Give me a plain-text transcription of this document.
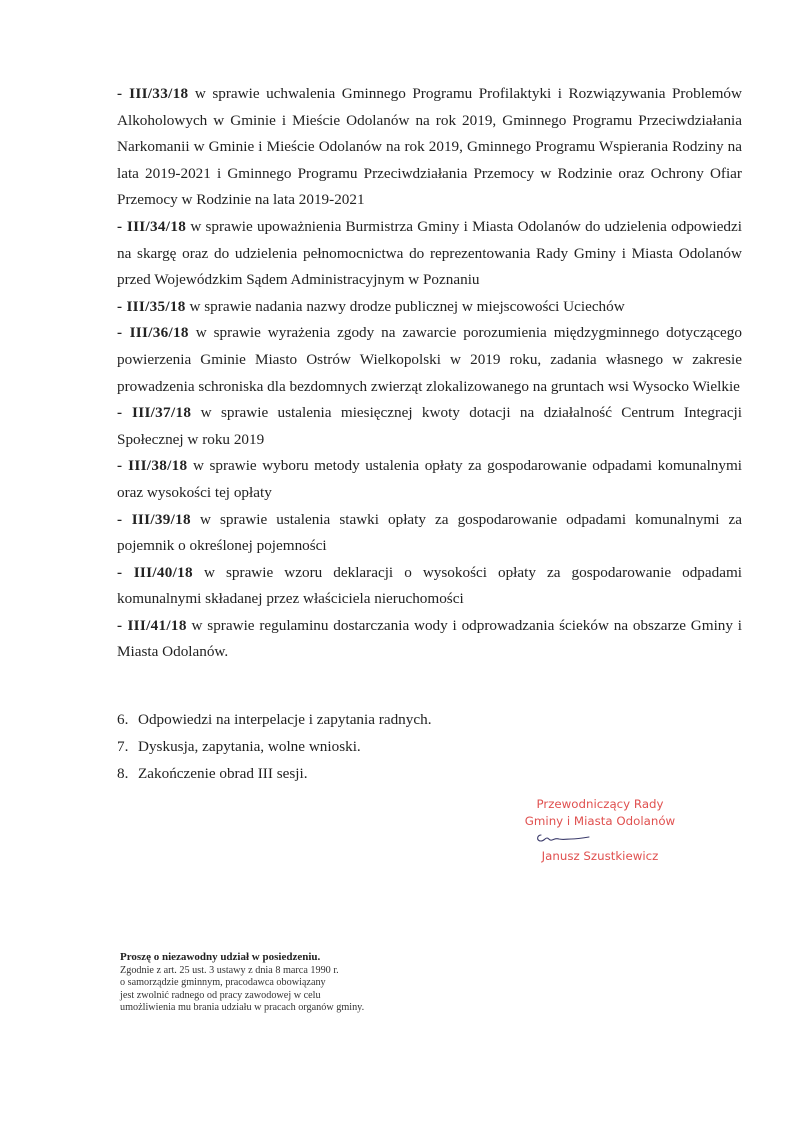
- III/33/18 w sprawie uchwalenia Gminnego Programu Profilaktyki i Rozwiązywania Problemów Alkoholowych w Gminie i Mieście Odolanów na rok 2019, Gminnego Programu Przeciwdziałania Narkomanii w Gminie i Mieście Odolanów na rok 2019, Gminnego Programu Wspierania Rodziny na lata 2019-2021 i Gminnego Programu Przeciwdziałania Przemocy w Rodzinie oraz Ochrony Ofiar Przemocy w Rodzinie na lata 2019-2021
- III/34/18 w sprawie upoważnienia Burmistrza Gminy i Miasta Odolanów do udzielenia odpowiedzi na skargę oraz do udzielenia pełnomocnictwa do reprezentowania Rady Gminy i Miasta Odolanów przed Wojewódzkim Sądem Administracyjnym w Poznaniu
- III/35/18 w sprawie nadania nazwy drodze publicznej w miejscowości Uciechów
- III/36/18 w sprawie wyrażenia zgody na zawarcie porozumienia międzygminnego dotyczącego powierzenia Gminie Miasto Ostrów Wielkopolski w 2019 roku, zadania własnego w zakresie prowadzenia schroniska dla bezdomnych zwierząt zlokalizowanego na gruntach wsi Wysocko Wielkie
- III/37/18 w sprawie ustalenia miesięcznej kwoty dotacji na działalność Centrum Integracji Społecznej w roku 2019
- III/38/18 w sprawie wyboru metody ustalenia opłaty za gospodarowanie odpadami komunalnymi oraz wysokości tej opłaty
- III/39/18 w sprawie ustalenia stawki opłaty za gospodarowanie odpadami komunalnymi za pojemnik o określonej pojemności
- III/40/18 w sprawie wzoru deklaracji o wysokości opłaty za gospodarowanie odpadami komunalnymi składanej przez właściciela nieruchomości
- III/41/18 w sprawie regulaminu dostarczania wody i odprowadzania ścieków na obszarze Gminy i Miasta Odolanów.
6. Odpowiedzi na interpelacje i zapytania radnych.
7. Dyskusja, zapytania, wolne wnioski.
8. Zakończenie obrad III sesji.
Przewodniczący Rady
Gminy i Miasta Odolanów
Janusz Szustkiewicz
Proszę o niezawodny udział w posiedzeniu.
Zgodnie z art. 25 ust. 3 ustawy z dnia 8 marca 1990 r.
o samorządzie gminnym, pracodawca obowiązany
jest zwolnić radnego od pracy zawodowej w celu
umożliwienia mu brania udziału w pracach organów gminy.
